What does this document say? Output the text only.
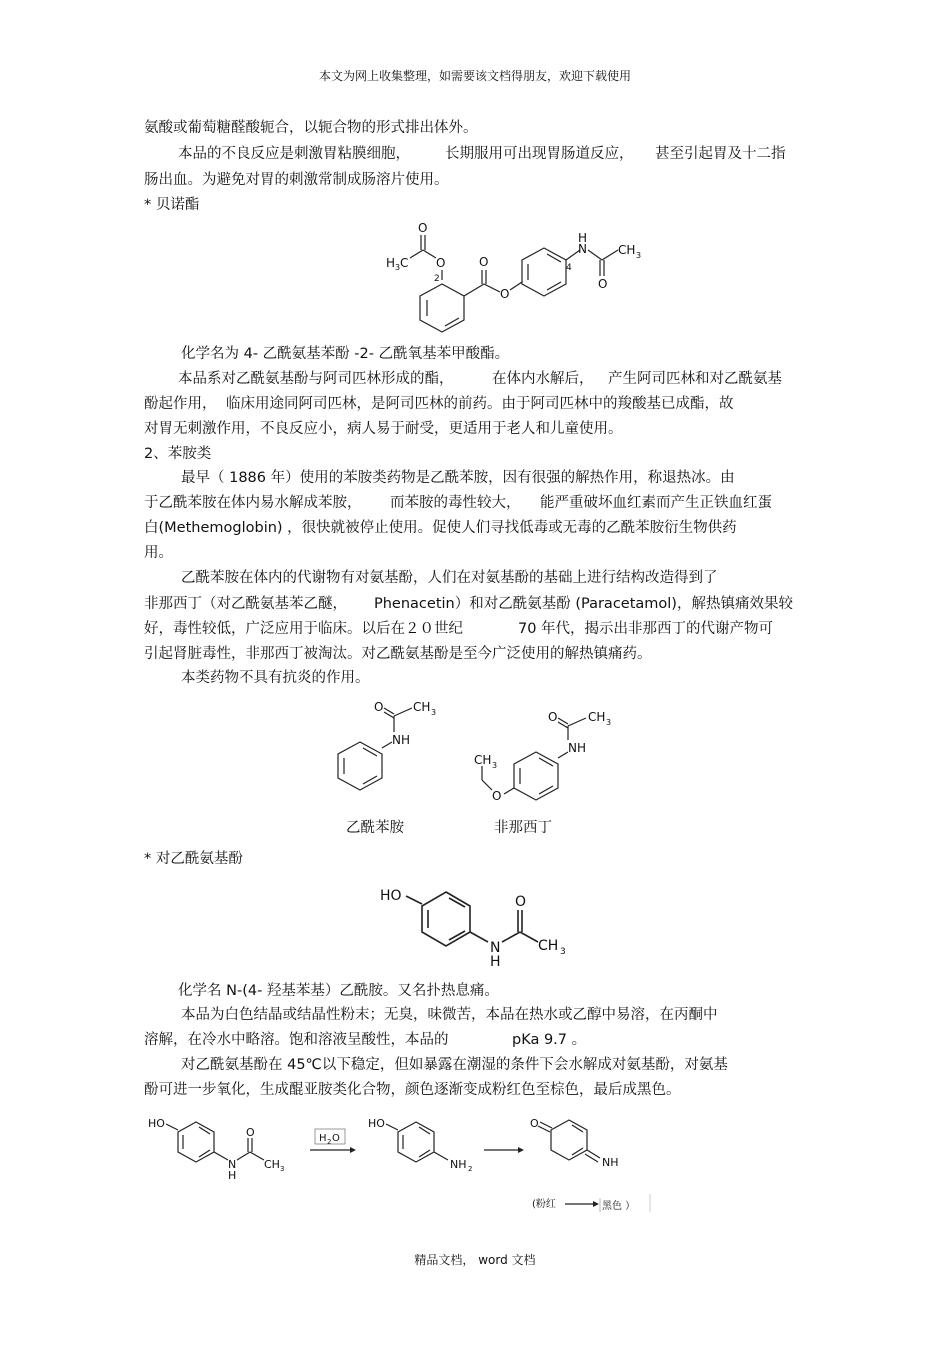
本文为网上收集整理，如需要该文档得朋友，欢迎下载使用
氨酸或葡萄糖醛酸轭合，以轭合物的形式排出体外。
本品的不良反应是刺激胃粘膜细胞， 长期服用可出现胃肠道反应， 甚至引起胃及十二指
肠出血。为避免对胃的刺激常制成肠溶片使用。
* 贝诺酯
O
H 3 C O
2
O
O
4
H
N
O
CH 3
化学名为 4- 乙酰氨基苯酚 -2- 乙酰氧基苯甲酸酯。
本品系对乙酰氨基酚与阿司匹林形成的酯，	在体内水解后， 产生阿司匹林和对乙酰氨基
酚起作用， 临床用途同阿司匹林，是阿司匹林的前药。由于阿司匹林中的羧酸基已成酯，故
对胃无刺激作用，不良反应小，病人易于耐受，更适用于老人和儿童使用。
2、苯胺类
最早（ 1886 年）使用的苯胺类药物是乙酰苯胺，因有很强的解热作用，称退热冰。由
于乙酰苯胺在体内易水解成苯胺， 而苯胺的毒性较大， 能严重破坏血红素而产生正铁血红蛋
白(Methemoglobin) ，很快就被停止使用。促使人们寻找低毒或无毒的乙酰苯胺衍生物供药
用。
乙酰苯胺在体内的代谢物有对氨基酚，人们在对氨基酚的基础上进行结构改造得到了
非那西丁（对乙酰氨基苯乙醚， Phenacetin）和对乙酰氨基酚 (Paracetamol)，解热镇痛效果较
好，毒性较低，广泛应用于临床。以后在２０世纪	70 年代，揭示出非那西丁的代谢产物可
引起肾脏毒性，非那西丁被淘汰。对乙酰氨基酚是至今广泛使用的解热镇痛药。
本类药物不具有抗炎的作用。
O CH 3
NH
乙酰苯胺
O	CH 3
NH
O
CH 3
非那西丁
* 对乙酰氨基酚
HO
N
H
O
CH 3
化学名 N-(4- 羟基苯基）乙酰胺。又名扑热息痛。
本品为白色结晶或结晶性粉末；无臭，味微苦，本品在热水或乙醇中易溶，在丙酮中
溶解，在冷水中略溶。饱和溶液呈酸性，本品的	pKa 9.7 。
对乙酰氨基酚在 45℃以下稳定，但如暴露在潮湿的条件下会水解成对氨基酚，对氨基
酚可进一步氧化，生成醌亚胺类化合物，颜色逐渐变成粉红色至棕色，最后成黑色。
HO
N
H
O
CH 3
H 2 O
HO
NH 2
O
NH
(粉红	黑色 ）
精品文档， word 文档
